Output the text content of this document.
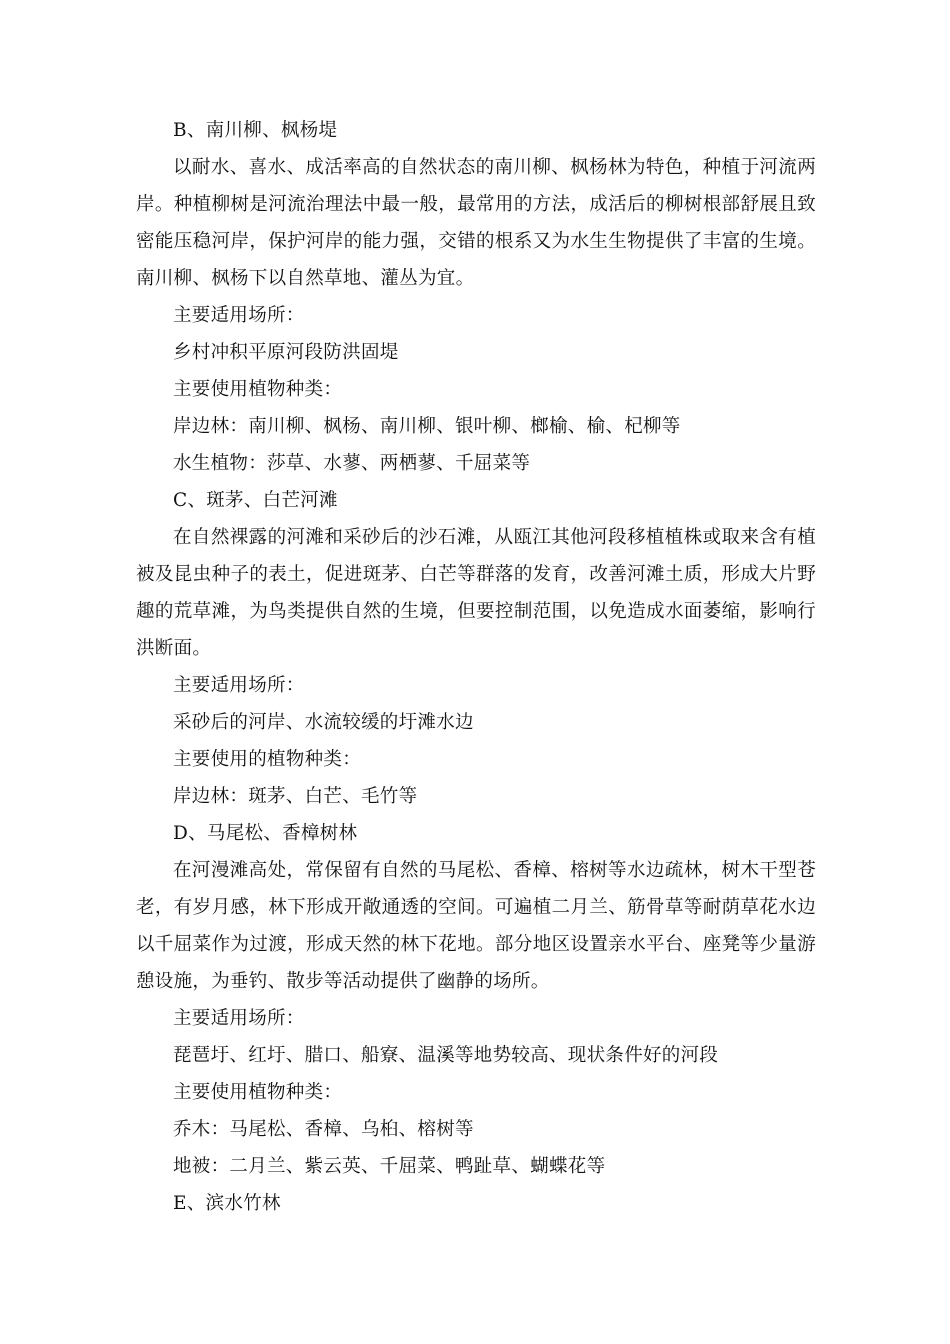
B、南川柳、枫杨堤
以耐水、喜水、成活率高的自然状态的南川柳、枫杨林为特色，种植于河流两岸。种植柳树是河流治理法中最一般，最常用的方法，成活后的柳树根部舒展且致密能压稳河岸，保护河岸的能力强，交错的根系又为水生生物提供了丰富的生境。南川柳、枫杨下以自然草地、灌丛为宜。
主要适用场所：
乡村冲积平原河段防洪固堤
主要使用植物种类：
岸边林：南川柳、枫杨、南川柳、银叶柳、榔榆、榆、杞柳等
水生植物：莎草、水蓼、两栖蓼、千屈菜等
C、斑茅、白芒河滩
在自然裸露的河滩和采砂后的沙石滩，从瓯江其他河段移植植株或取来含有植被及昆虫种子的表土，促进斑茅、白芒等群落的发育，改善河滩土质，形成大片野趣的荒草滩，为鸟类提供自然的生境，但要控制范围，以免造成水面萎缩，影响行洪断面。
主要适用场所：
采砂后的河岸、水流较缓的圩滩水边
主要使用的植物种类：
岸边林：斑茅、白芒、毛竹等
D、马尾松、香樟树林
在河漫滩高处，常保留有自然的马尾松、香樟、榕树等水边疏林，树木干型苍老，有岁月感，林下形成开敞通透的空间。可遍植二月兰、筋骨草等耐荫草花水边以千屈菜作为过渡，形成天然的林下花地。部分地区设置亲水平台、座凳等少量游憩设施，为垂钓、散步等活动提供了幽静的场所。
主要适用场所：
琵琶圩、红圩、腊口、船寮、温溪等地势较高、现状条件好的河段
主要使用植物种类：
乔木：马尾松、香樟、乌桕、榕树等
地被：二月兰、紫云英、千屈菜、鸭趾草、蝴蝶花等
E、滨水竹林
